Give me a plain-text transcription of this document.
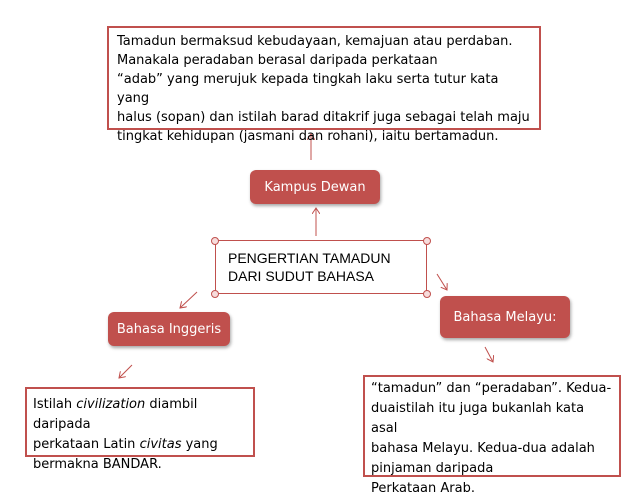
Tamadun bermaksud kebudayaan, kemajuan atau perdaban.

Manakala peradaban berasal daripada perkataan

“adab” yang merujuk kepada tingkah laku serta tutur kata yang

halus (sopan) dan istilah barad ditakrif juga sebagai telah maju

tingkat kehidupan (jasmani dan rohani), iaitu bertamadun.

Kampus Dewan

PENGERTIAN TAMADUN

DARI SUDUT BAHASA

Bahasa Inggeris
Bahasa Melayu:

Istilah civilization diambil daripada

perkataan Latin civitas yang

bermakna BANDAR.

“tamadun” dan “peradaban”. Kedua-

duaistilah itu juga bukanlah kata asal

bahasa Melayu. Kedua-dua adalah

pinjaman daripada

Perkataan Arab.
